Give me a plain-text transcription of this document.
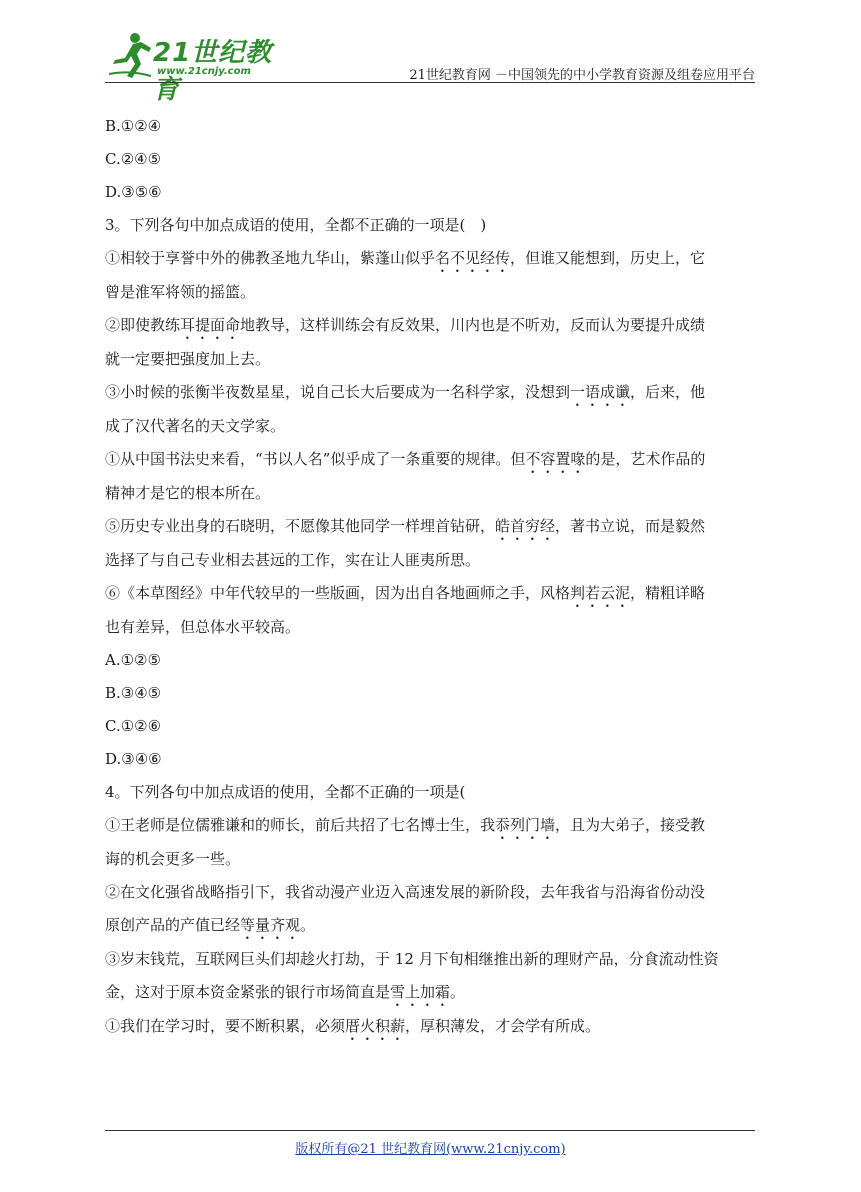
21世纪教育
www.21cnjy.com	21世纪教育网 －中国领先的中小学教育资源及组卷应用平台

B.①②④

C.②④⑤

D.③⑤⑥

3。下列各句中加点成语的使用，全都不正确的一项是(　)

①相较于享誉中外的佛教圣地九华山，紫蓬山似乎名不见经传，但谁又能想到，历史上，它

曾是淮军将领的摇篮。

②即使教练耳提面命地教导，这样训练会有反效果，川内也是不听劝，反而认为要提升成绩

就一定要把强度加上去。

③小时候的张衡半夜数星星，说自己长大后要成为一名科学家，没想到一语成谶，后来，他

成了汉代著名的天文学家。

①从中国书法史来看，“书以人名”似乎成了一条重要的规律。但不容置喙的是，艺术作品的

精神才是它的根本所在。

⑤历史专业出身的石晓明，不愿像其他同学一样埋首钻研，皓首穷经，著书立说，而是毅然

选择了与自己专业相去甚远的工作，实在让人匪夷所思。

⑥《本草图经》中年代较早的一些版画，因为出自各地画师之手，风格判若云泥，精粗详略

也有差异，但总体水平较高。

A.①②⑤

B.③④⑤

C.①②⑥

D.③④⑥

4。下列各句中加点成语的使用，全都不正确的一项是(

①王老师是位儒雅谦和的师长，前后共招了七名博士生，我忝列门墙，且为大弟子，接受教

诲的机会更多一些。

②在文化强省战略指引下，我省动漫产业迈入高速发展的新阶段，去年我省与沿海省份动没

原创产品的产值已经等量齐观。

③岁末钱荒，互联网巨头们却趁火打劫，于 12 月下旬相继推出新的理财产品，分食流动性资

金，这对于原本资金紧张的银行市场简直是雪上加霜。

①我们在学习时，要不断积累，必须厝火积薪，厚积薄发，才会学有所成。

版权所有@21 世纪教育网(www.21cnjy.com)
